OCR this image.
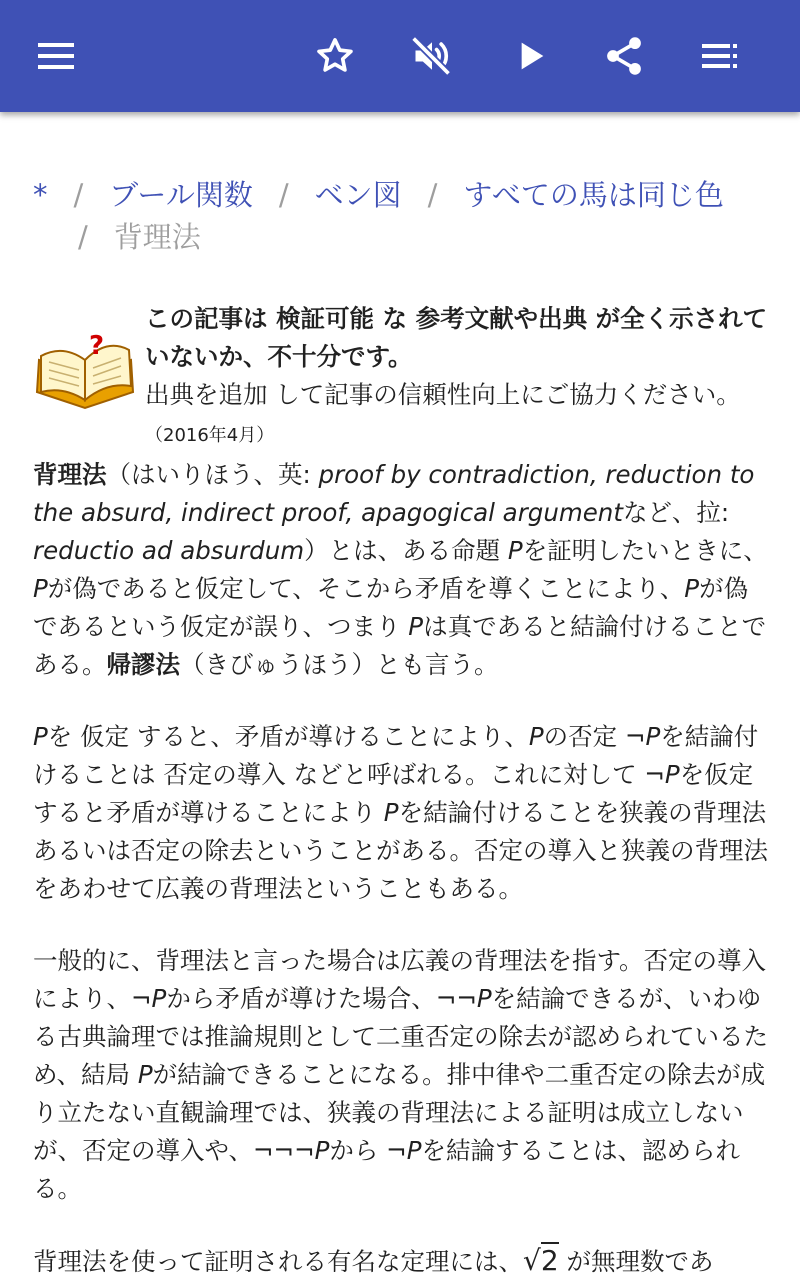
* / ブール関数 / ベン図 / すべての馬は同じ色
/ 背理法
?
この記事は 検証可能 な 参考文献や出典 が全く示されていないか、不十分です。
出典を追加 して記事の信頼性向上にご協力ください。 （2016年4月）

背理法（はいりほう、英: proof by contradiction, reduction to the absurd, indirect proof, apagogical argumentなど、拉: reductio ad absurdum）とは、ある命題 Pを証明したいときに、Pが偽であると仮定して、そこから矛盾を導くことにより、Pが偽であるという仮定が誤り、つまり Pは真であると結論付けることである。帰謬法（きびゅうほう）とも言う。

Pを 仮定 すると、矛盾が導けることにより、Pの否定 ¬Pを結論付けることは 否定の導入 などと呼ばれる。これに対して ¬Pを仮定すると矛盾が導けることにより Pを結論付けることを狭義の背理法あるいは否定の除去ということがある。否定の導入と狭義の背理法をあわせて広義の背理法ということもある。

一般的に、背理法と言った場合は広義の背理法を指す。否定の導入により、¬Pから矛盾が導けた場合、¬¬Pを結論できるが、いわゆる古典論理では推論規則として二重否定の除去が認められているため、結局 Pが結論できることになる。排中律や二重否定の除去が成り立たない直観論理では、狭義の背理法による証明は成立しないが、否定の導入や、¬¬¬Pから ¬Pを結論することは、認められる。

背理法を使って証明される有名な定理には、√2 が無理数であ
